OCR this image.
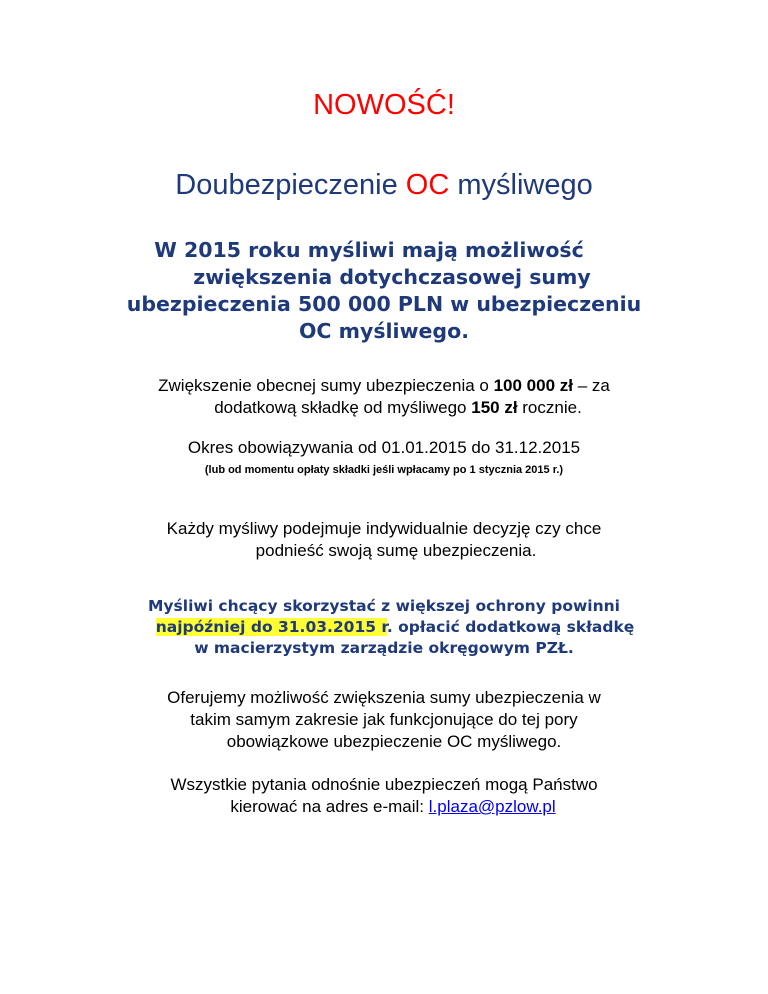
NOWOŚĆ!
Doubezpieczenie OC myśliwego
W 2015 roku myśliwi mają możliwość
zwiększenia dotychczasowej sumy
ubezpieczenia 500 000 PLN w ubezpieczeniu
OC myśliwego.
Zwiększenie obecnej sumy ubezpieczenia o 100 000 zł – za
dodatkową składkę od myśliwego 150 zł rocznie.
Okres obowiązywania od 01.01.2015 do 31.12.2015
(lub od momentu opłaty składki jeśli wpłacamy po 1 stycznia 2015 r.)
Każdy myśliwy podejmuje indywidualnie decyzję czy chce
podnieść swoją sumę ubezpieczenia.
Myśliwi chcący skorzystać z większej ochrony powinni
najpóźniej do 31.03.2015 r. opłacić dodatkową składkę
w macierzystym zarządzie okręgowym PZŁ.
Oferujemy możliwość zwiększenia sumy ubezpieczenia w
takim samym zakresie jak funkcjonujące do tej pory
obowiązkowe ubezpieczenie OC myśliwego.
Wszystkie pytania odnośnie ubezpieczeń mogą Państwo
kierować na adres e-mail: l.plaza@pzlow.pl
